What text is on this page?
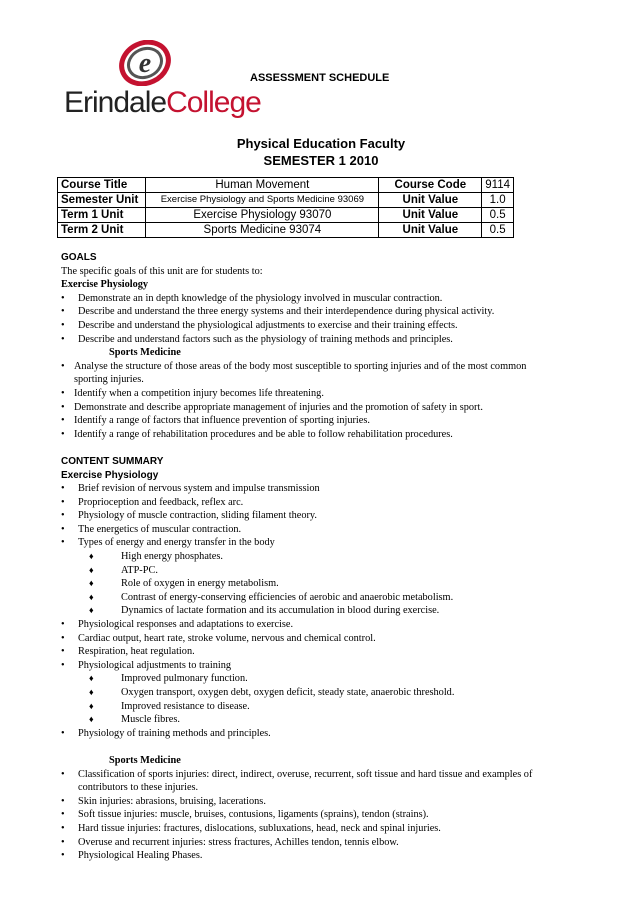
e
ErindaleCollege
ASSESSMENT SCHEDULE
Physical Education Faculty
SEMESTER 1 2010
Course Title	Human Movement	Course Code	9114
Semester Unit	Exercise Physiology and Sports Medicine 93069	Unit Value	1.0
Term 1 Unit	Exercise Physiology 93070	Unit Value	0.5
Term 2 Unit	Sports Medicine 93074	Unit Value	0.5
GOALS
The specific goals of this unit are for students to:
Exercise Physiology
• Demonstrate an in depth knowledge of the physiology involved in muscular contraction.
• Describe and understand the three energy systems and their interdependence during physical activity.
• Describe and understand the physiological adjustments to exercise and their training effects.
• Describe and understand factors such as the physiology of training methods and principles.
Sports Medicine
• Analyse the structure of those areas of the body most susceptible to sporting injuries and of the most common sporting injuries.
• Identify when a competition injury becomes life threatening.
• Demonstrate and describe appropriate management of injuries and the promotion of safety in sport.
• Identify a range of factors that influence prevention of sporting injuries.
• Identify a range of rehabilitation procedures and be able to follow rehabilitation procedures.
CONTENT SUMMARY
Exercise Physiology
• Brief revision of nervous system and impulse transmission
• Proprioception and feedback, reflex arc.
• Physiology of muscle contraction, sliding filament theory.
• The energetics of muscular contraction.
• Types of energy and energy transfer in the body
♦	High energy phosphates.
♦	ATP-PC.
♦	Role of oxygen in energy metabolism.
♦	Contrast of energy-conserving efficiencies of aerobic and anaerobic metabolism.
♦	Dynamics of lactate formation and its accumulation in blood during exercise.
• Physiological responses and adaptations to exercise.
• Cardiac output, heart rate, stroke volume, nervous and chemical control.
• Respiration, heat regulation.
• Physiological adjustments to training
♦	Improved pulmonary function.
♦	Oxygen transport, oxygen debt, oxygen deficit, steady state, anaerobic threshold.
♦	Improved resistance to disease.
♦	Muscle fibres.
• Physiology of training methods and principles.
Sports Medicine
• Classification of sports injuries: direct, indirect, overuse, recurrent, soft tissue and hard tissue and examples of contributors to these injuries.
• Skin injuries: abrasions, bruising, lacerations.
• Soft tissue injuries: muscle, bruises, contusions, ligaments (sprains), tendon (strains).
• Hard tissue injuries: fractures, dislocations, subluxations, head, neck and spinal injuries.
• Overuse and recurrent injuries: stress fractures, Achilles tendon, tennis elbow.
• Physiological Healing Phases.
